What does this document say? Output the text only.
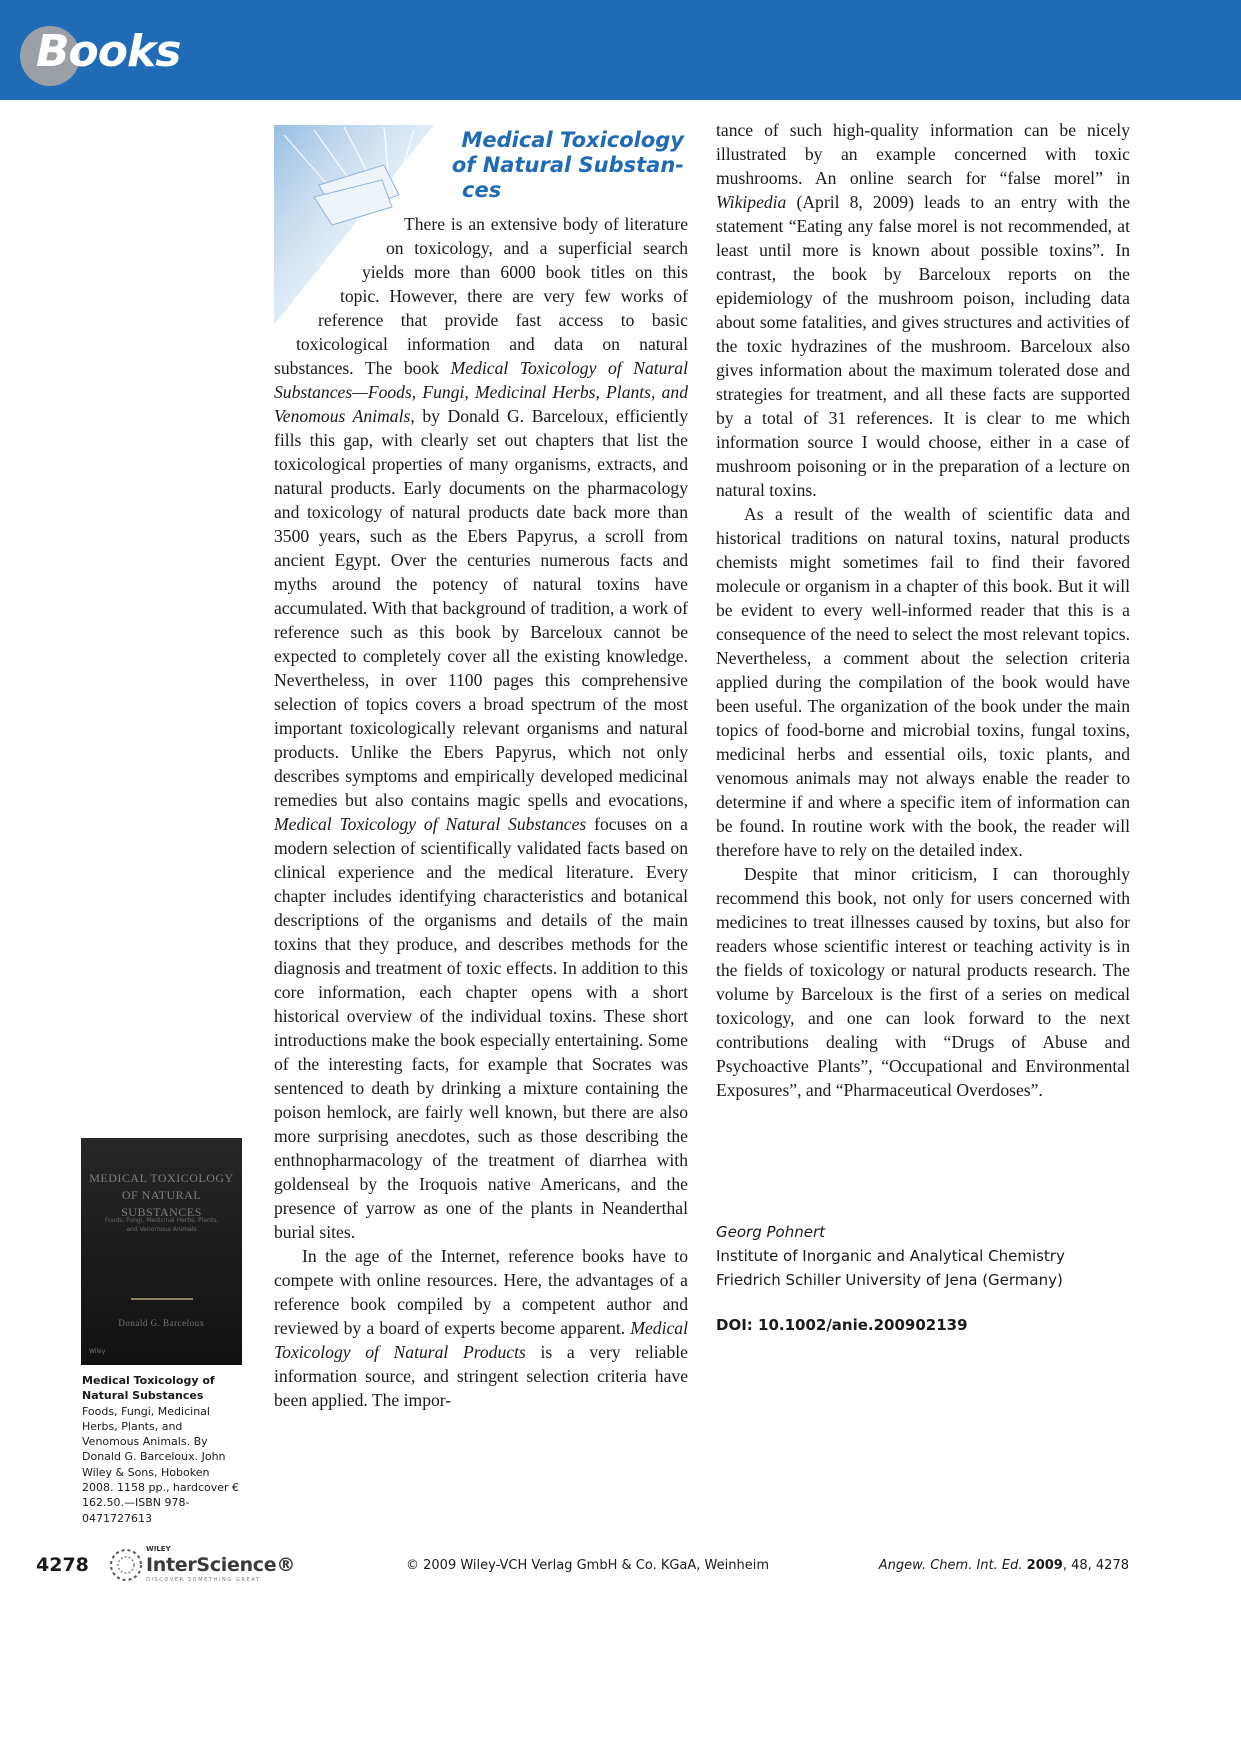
Books
Medical Toxicology
of Natural Substan-
ces

There is an extensive body of literature on toxicology, and a superficial search yields more than 6000 book titles on this topic. However, there are very few works of reference that provide fast access to basic toxicological information and data on natural substances. The book Medical Toxicology of Natural Substances—Foods, Fungi, Medicinal Herbs, Plants, and Venomous Animals, by Donald G. Barceloux, efficiently fills this gap, with clearly set out chapters that list the toxicological properties of many organisms, extracts, and natural products. Early documents on the pharmacology and toxicology of natural products date back more than 3500 years, such as the Ebers Papyrus, a scroll from ancient Egypt. Over the centuries numerous facts and myths around the potency of natural toxins have accumulated. With that background of tradition, a work of reference such as this book by Barceloux cannot be expected to completely cover all the existing knowledge. Nevertheless, in over 1100 pages this comprehensive selection of topics covers a broad spectrum of the most important toxicologically relevant organisms and natural products. Unlike the Ebers Papyrus, which not only describes symptoms and empirically developed medicinal remedies but also contains magic spells and evocations, Medical Toxicology of Natural Substances focuses on a modern selection of scientifically validated facts based on clinical experience and the medical literature. Every chapter includes identifying characteristics and botanical descriptions of the organisms and details of the main toxins that they produce, and describes methods for the diagnosis and treatment of toxic effects. In addition to this core information, each chapter opens with a short historical overview of the individual toxins. These short introductions make the book especially entertaining. Some of the interesting facts, for example that Socrates was sentenced to death by drinking a mixture containing the poison hemlock, are fairly well known, but there are also more surprising anecdotes, such as those describing the enthnopharmacology of the treatment of diarrhea with goldenseal by the Iroquois native Americans, and the presence of yarrow as one of the plants in Neanderthal burial sites.

In the age of the Internet, reference books have to compete with online resources. Here, the advantages of a reference book compiled by a competent author and reviewed by a board of experts become apparent. Medical Toxicology of Natural Products is a very reliable information source, and stringent selection criteria have been applied. The impor-

tance of such high-quality information can be nicely illustrated by an example concerned with toxic mushrooms. An online search for “false morel” in Wikipedia (April 8, 2009) leads to an entry with the statement “Eating any false morel is not recommended, at least until more is known about possible toxins”. In contrast, the book by Barceloux reports on the epidemiology of the mushroom poison, including data about some fatalities, and gives structures and activities of the toxic hydrazines of the mushroom. Barceloux also gives information about the maximum tolerated dose and strategies for treatment, and all these facts are supported by a total of 31 references. It is clear to me which information source I would choose, either in a case of mushroom poisoning or in the preparation of a lecture on natural toxins.

As a result of the wealth of scientific data and historical traditions on natural toxins, natural products chemists might sometimes fail to find their favored molecule or organism in a chapter of this book. But it will be evident to every well-informed reader that this is a consequence of the need to select the most relevant topics. Nevertheless, a comment about the selection criteria applied during the compilation of the book would have been useful. The organization of the book under the main topics of food-borne and microbial toxins, fungal toxins, medicinal herbs and essential oils, toxic plants, and venomous animals may not always enable the reader to determine if and where a specific item of information can be found. In routine work with the book, the reader will therefore have to rely on the detailed index.

Despite that minor criticism, I can thoroughly recommend this book, not only for users concerned with medicines to treat illnesses caused by toxins, but also for readers whose scientific interest or teaching activity is in the fields of toxicology or natural products research. The volume by Barceloux is the first of a series on medical toxicology, and one can look forward to the next contributions dealing with “Drugs of Abuse and Psychoactive Plants”, “Occupational and Environmental Exposures”, and “Pharmaceutical Overdoses”.

Georg Pohnert
Institute of Inorganic and Analytical Chemistry
Friedrich Schiller University of Jena (Germany)
DOI: 10.1002/anie.200902139
MEDICAL TOXICOLOGY OF NATURAL SUBSTANCES
Foods, Fungi, Medicinal Herbs, Plants, and Venomous Animals
Donald G. Barceloux
Wiley
Medical Toxicology of Natural Substances
Foods, Fungi, Medicinal Herbs, Plants, and Venomous Animals. By Donald G. Barceloux. John Wiley & Sons, Hoboken 2008. 1158 pp., hardcover € 162.50.—ISBN 978-0471727613
4278
WILEY
InterScience®
DISCOVER SOMETHING GREAT
© 2009 Wiley-VCH Verlag GmbH & Co. KGaA, Weinheim	Angew. Chem. Int. Ed. 2009, 48, 4278
